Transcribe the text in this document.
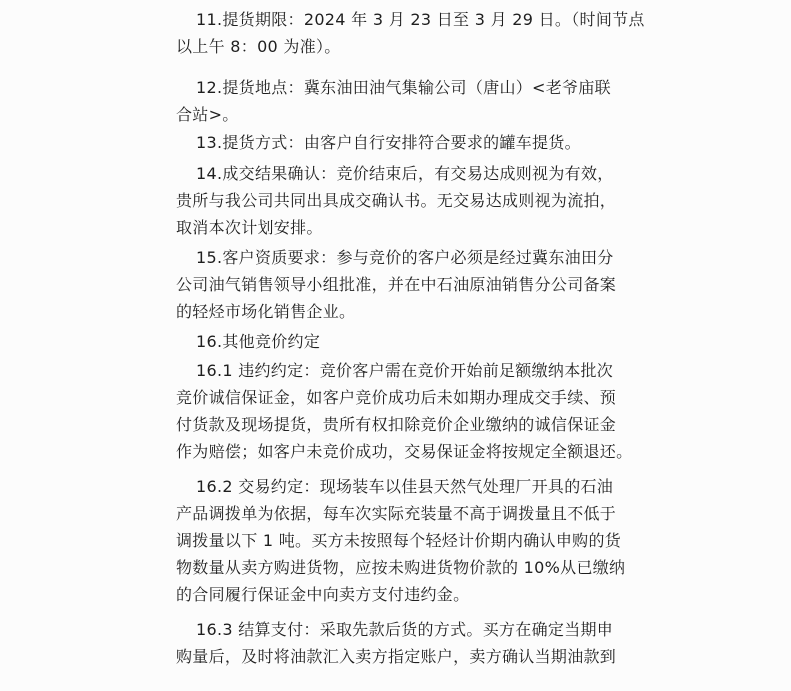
11.提货期限：2024 年 3 月 23 日至 3 月 29 日。（时间节点
以上午 8：00 为准）。
12.提货地点：冀东油田油气集输公司（唐山）<老爷庙联
合站>。
13.提货方式：由客户自行安排符合要求的罐车提货。
14.成交结果确认：竞价结束后，有交易达成则视为有效，
贵所与我公司共同出具成交确认书。无交易达成则视为流拍，
取消本次计划安排。
15.客户资质要求：参与竞价的客户必须是经过冀东油田分
公司油气销售领导小组批准，并在中石油原油销售分公司备案
的轻烃市场化销售企业。
16.其他竞价约定
16.1 违约约定：竞价客户需在竞价开始前足额缴纳本批次
竞价诚信保证金，如客户竞价成功后未如期办理成交手续、预
付货款及现场提货，贵所有权扣除竞价企业缴纳的诚信保证金
作为赔偿；如客户未竞价成功，交易保证金将按规定全额退还。
16.2 交易约定：现场装车以佳县天然气处理厂开具的石油
产品调拨单为依据，每车次实际充装量不高于调拨量且不低于
调拨量以下 1 吨。买方未按照每个轻烃计价期内确认申购的货
物数量从卖方购进货物，应按未购进货物价款的 10%从已缴纳
的合同履行保证金中向卖方支付违约金。
16.3 结算支付：采取先款后货的方式。买方在确定当期申
购量后，及时将油款汇入卖方指定账户，卖方确认当期油款到
